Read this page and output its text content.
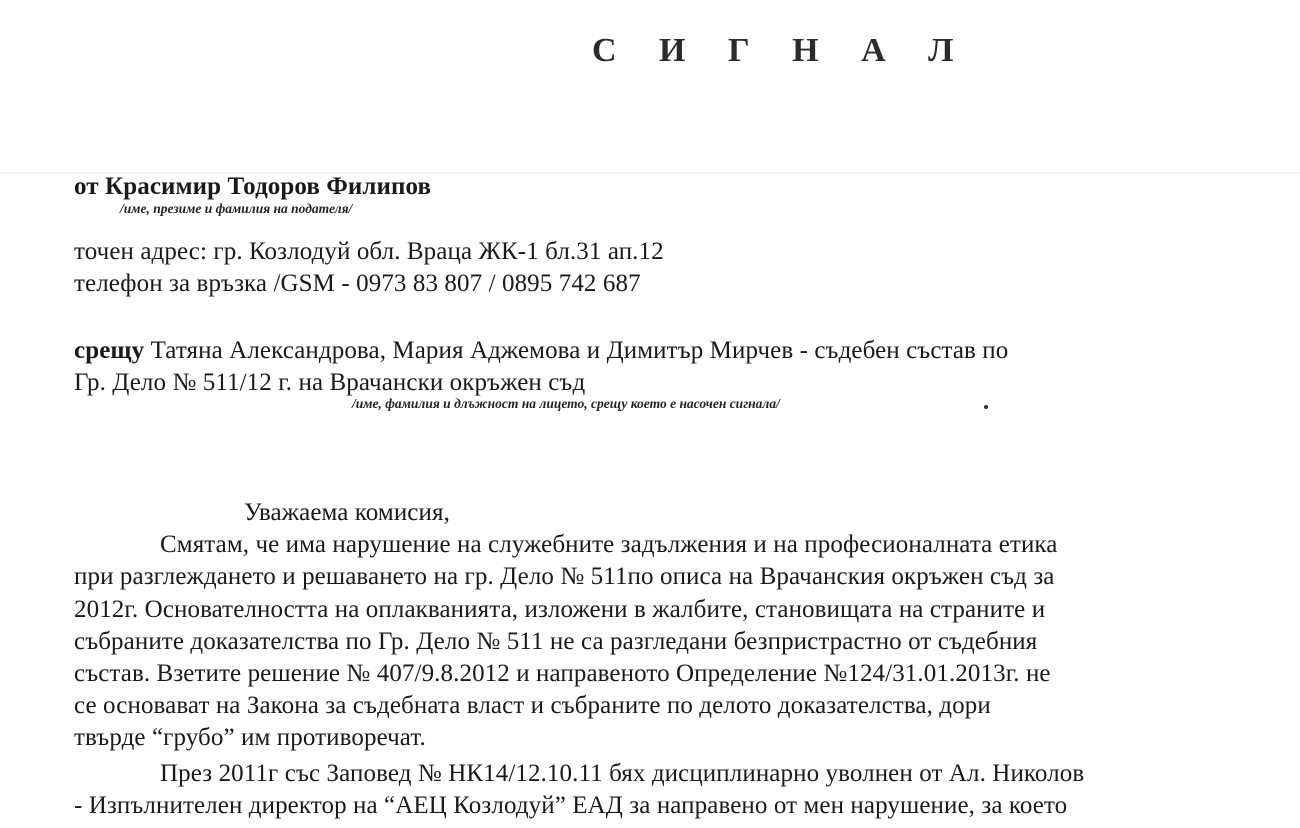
С И Г Н А Л
от Красимир Тодоров Филипов
/име, презиме и фамилия на подателя/
точен адрес: гр. Козлодуй обл. Враца ЖК-1 бл.31 ап.12
телефон за връзка /GSM - 0973 83 807 / 0895 742 687
срещу Татяна Александрова, Мария Аджемова и Димитър Мирчев - съдебен състав по
Гр. Дело № 511/12 г. на Врачански окръжен съд
/име, фамилия и длъжност на лицето, срещу което е насочен сигнала/
Уважаема комисия,
Смятам, че има нарушение на служебните задължения и на професионалната етика
при разглеждането и решаването на гр. Дело № 511по описа на Врачанския окръжен съд за
2012г. Основателността на оплакванията, изложени в жалбите, становищата на страните и
събраните доказателства по Гр. Дело № 511 не са разгледани безпристрастно от съдебния
състав. Взетите решение № 407/9.8.2012 и направеното Определение №124/31.01.2013г. не
се основават на Закона за съдебната власт и събраните по делото доказателства, дори
твърде “грубо” им противоречат.
През 2011г със Заповед № НК14/12.10.11 бях дисциплинарно уволнен от Ал. Николов
- Изпълнителен директор на “АЕЦ Козлодуй” ЕАД за направено от мен нарушение, за което
